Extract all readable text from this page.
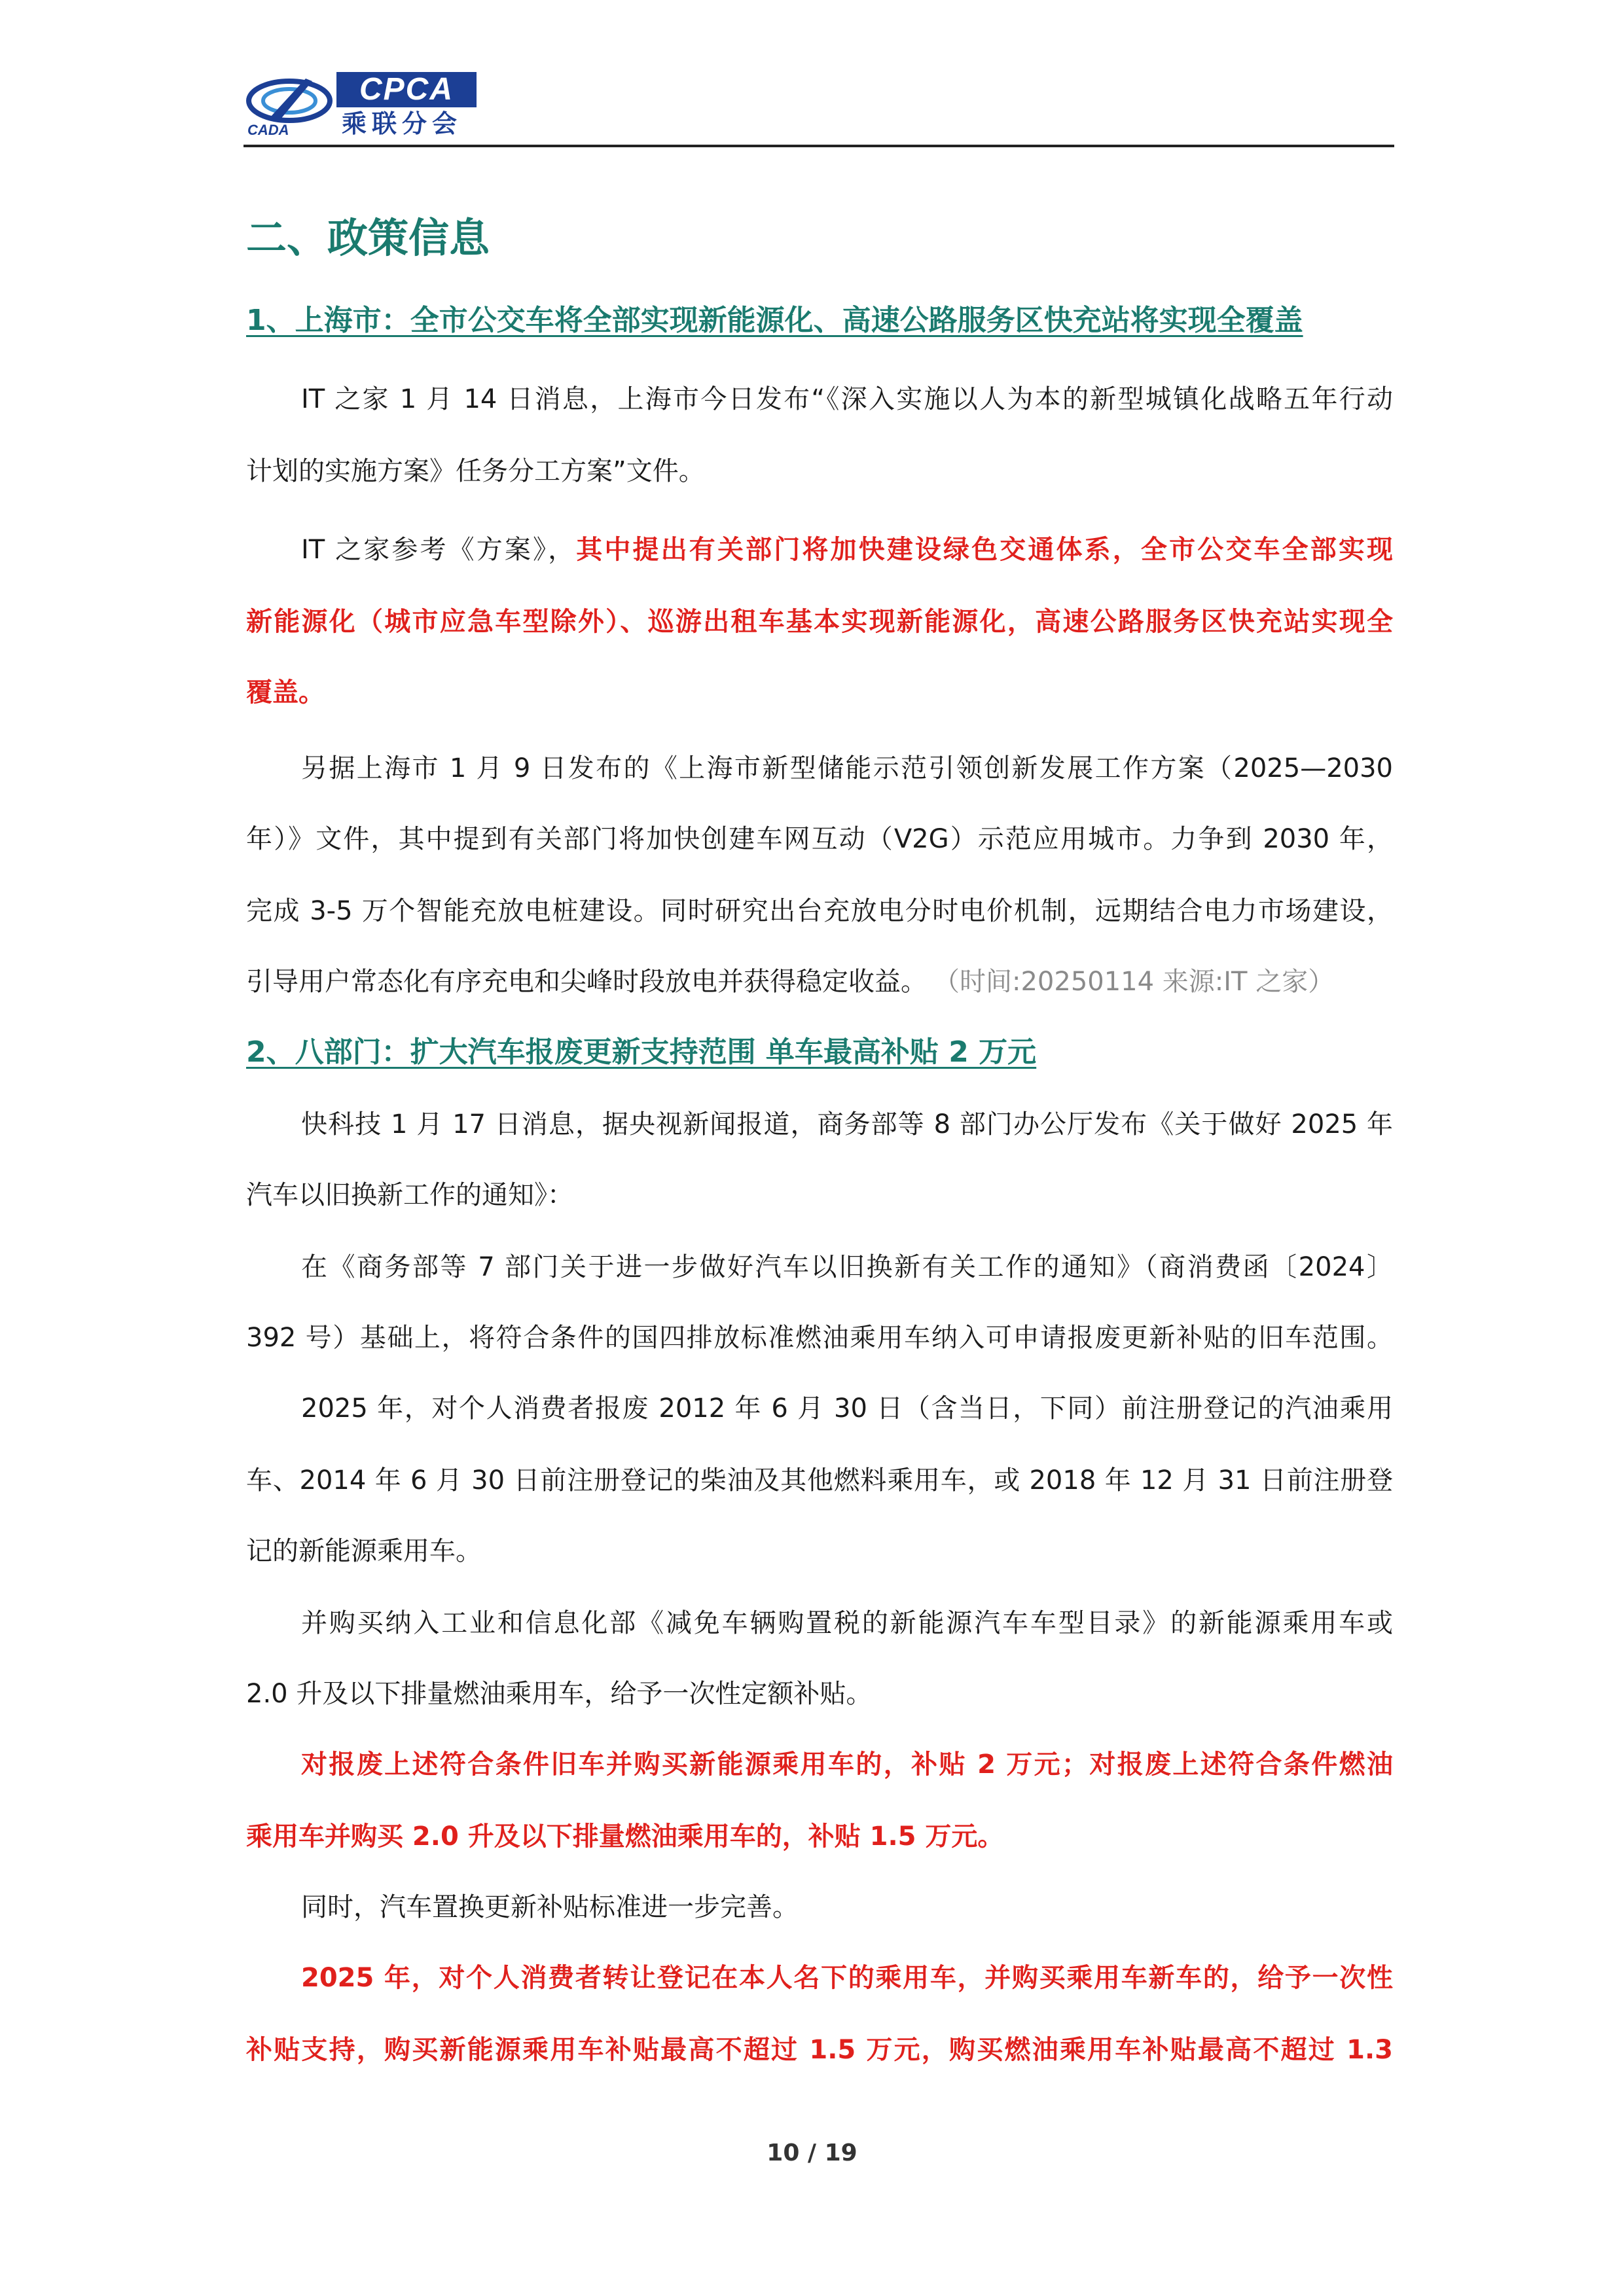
CADA
CPCA
乘联分会
二、政策信息
1、上海市：全市公交车将全部实现新能源化、高速公路服务区快充站将实现全覆盖
IT 之家 1 月 14 日消息，上海市今日发布“《深入实施以人为本的新型城镇化战略五年行动
计划的实施方案》任务分工方案”文件。
IT 之家参考《方案》，其中提出有关部门将加快建设绿色交通体系，全市公交车全部实现
新能源化（城市应急车型除外）、巡游出租车基本实现新能源化，高速公路服务区快充站实现全
覆盖。
另据上海市 1 月 9 日发布的《上海市新型储能示范引领创新发展工作方案（2025—2030
年）》文件，其中提到有关部门将加快创建车网互动（V2G）示范应用城市。力争到 2030 年，
完成 3-5 万个智能充放电桩建设。同时研究出台充放电分时电价机制，远期结合电力市场建设，
引导用户常态化有序充电和尖峰时段放电并获得稳定收益。 （时间:20250114 来源:IT 之家）
2、八部门：扩大汽车报废更新支持范围 单车最高补贴 2 万元
快科技 1 月 17 日消息，据央视新闻报道，商务部等 8 部门办公厅发布《关于做好 2025 年
汽车以旧换新工作的通知》：
在《商务部等 7 部门关于进一步做好汽车以旧换新有关工作的通知》（商消费函〔2024〕
392 号）基础上，将符合条件的国四排放标准燃油乘用车纳入可申请报废更新补贴的旧车范围。
2025 年，对个人消费者报废 2012 年 6 月 30 日（含当日，下同）前注册登记的汽油乘用
车、2014 年 6 月 30 日前注册登记的柴油及其他燃料乘用车，或 2018 年 12 月 31 日前注册登
记的新能源乘用车。
并购买纳入工业和信息化部《减免车辆购置税的新能源汽车车型目录》的新能源乘用车或
2.0 升及以下排量燃油乘用车，给予一次性定额补贴。
对报废上述符合条件旧车并购买新能源乘用车的，补贴 2 万元；对报废上述符合条件燃油
乘用车并购买 2.0 升及以下排量燃油乘用车的，补贴 1.5 万元。
同时，汽车置换更新补贴标准进一步完善。
2025 年，对个人消费者转让登记在本人名下的乘用车，并购买乘用车新车的，给予一次性
补贴支持，购买新能源乘用车补贴最高不超过 1.5 万元，购买燃油乘用车补贴最高不超过 1.3
10 / 19
